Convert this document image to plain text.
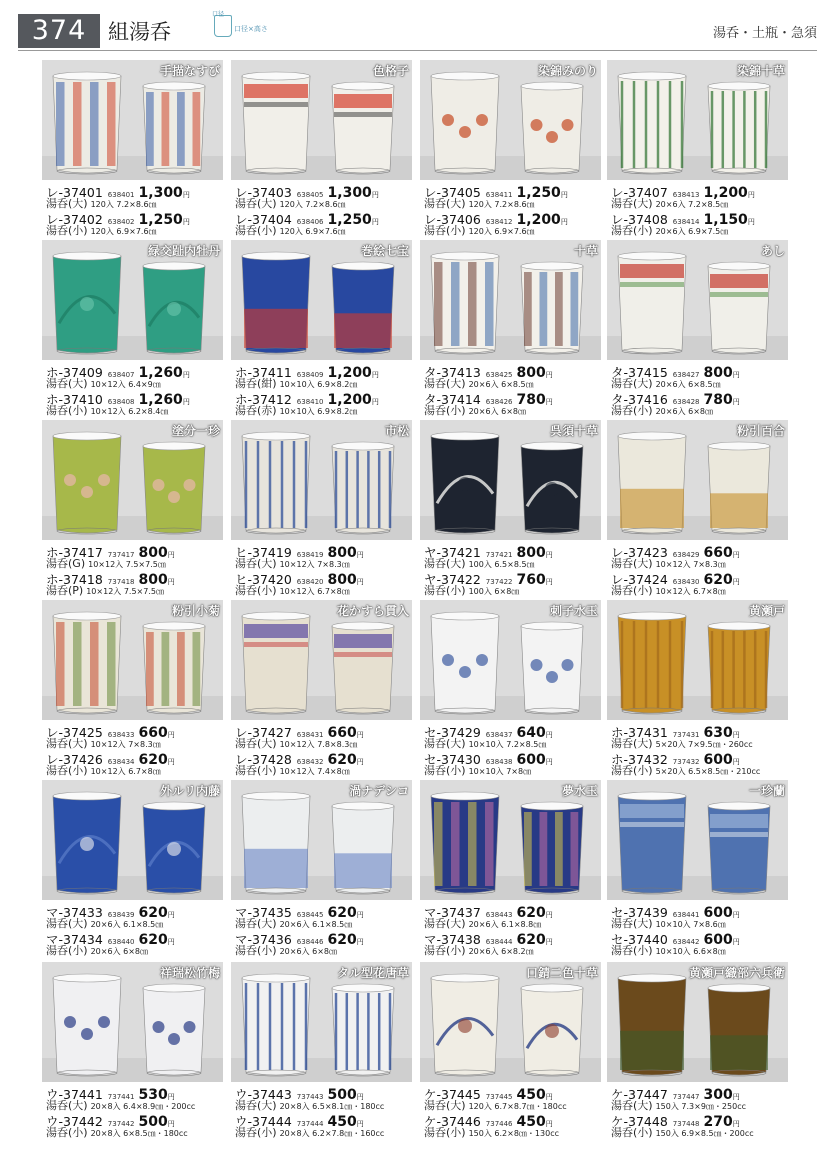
374	組湯呑
口径
口径×高さ	湯呑・土瓶・急須
手描なすび
レ-37401 638401 1,300円
湯呑(大) 120入 7.2×8.6㎝
レ-37402 638402 1,250円
湯呑(小) 120入 6.9×7.6㎝
色格子
レ-37403 638405 1,300円
湯呑(大) 120入 7.2×8.6㎝
レ-37404 638406 1,250円
湯呑(小) 120入 6.9×7.6㎝
染錦みのり
レ-37405 638411 1,250円
湯呑(大) 120入 7.2×8.6㎝
レ-37406 638412 1,200円
湯呑(小) 120入 6.9×7.6㎝
染錦十草
レ-37407 638413 1,200円
湯呑(大) 20×6入 7.2×8.5㎝
レ-37408 638414 1,150円
湯呑(小) 20×6入 6.9×7.5㎝
緑交趾内牡丹
ホ-37409 638407 1,260円
湯呑(大) 10×12入 6.4×9㎝
ホ-37410 638408 1,260円
湯呑(小) 10×12入 6.2×8.4㎝
巻絵七宝
ホ-37411 638409 1,200円
湯呑(紺) 10×10入 6.9×8.2㎝
ホ-37412 638410 1,200円
湯呑(赤) 10×10入 6.9×8.2㎝
十草
タ-37413 638425 800円
湯呑(大) 20×6入 6×8.5㎝
タ-37414 638426 780円
湯呑(小) 20×6入 6×8㎝
あし
タ-37415 638427 800円
湯呑(大) 20×6入 6×8.5㎝
タ-37416 638428 780円
湯呑(小) 20×6入 6×8㎝
塗分一珍
ホ-37417 737417 800円
湯呑(G) 10×12入 7.5×7.5㎝
ホ-37418 737418 800円
湯呑(P) 10×12入 7.5×7.5㎝
市松
ヒ-37419 638419 800円
湯呑(大) 10×12入 7×8.3㎝
ヒ-37420 638420 800円
湯呑(小) 10×12入 6.7×8㎝
呉須十草
ヤ-37421 737421 800円
湯呑(大) 100入 6.5×8.5㎝
ヤ-37422 737422 760円
湯呑(小) 100入 6×8㎝
粉引百合
レ-37423 638429 660円
湯呑(大) 10×12入 7×8.3㎝
レ-37424 638430 620円
湯呑(小) 10×12入 6.7×8㎝
粉引小菊
レ-37425 638433 660円
湯呑(大) 10×12入 7×8.3㎝
レ-37426 638434 620円
湯呑(小) 10×12入 6.7×8㎝
花かすら貫入
レ-37427 638431 660円
湯呑(大) 10×12入 7.8×8.3㎝
レ-37428 638432 620円
湯呑(小) 10×12入 7.4×8㎝
刺子水玉
セ-37429 638437 640円
湯呑(大) 10×10入 7.2×8.5㎝
セ-37430 638438 600円
湯呑(小) 10×10入 7×8㎝
黄瀬戸
ホ-37431 737431 630円
湯呑(大) 5×20入 7×9.5㎝・260cc
ホ-37432 737432 600円
湯呑(小) 5×20入 6.5×8.5㎝・210cc
外ルリ内藤
マ-37433 638439 620円
湯呑(大) 20×6入 6.1×8.5㎝
マ-37434 638440 620円
湯呑(小) 20×6入 6×8㎝
渦ナデシコ
マ-37435 638445 620円
湯呑(大) 20×6入 6.1×8.5㎝
マ-37436 638446 620円
湯呑(小) 20×6入 6×8㎝
夢水玉
マ-37437 638443 620円
湯呑(大) 20×6入 6.1×8.8㎝
マ-37438 638444 620円
湯呑(小) 20×6入 6×8.2㎝
一珍蘭
セ-37439 638441 600円
湯呑(大) 10×10入 7×8.6㎝
セ-37440 638442 600円
湯呑(小) 10×10入 6.6×8㎝
祥瑞松竹梅
ウ-37441 737441 530円
湯呑(大) 20×8入 6.4×8.9㎝・200cc
ウ-37442 737442 500円
湯呑(小) 20×8入 6×8.5㎝・180cc
タル型花唐草
ウ-37443 737443 500円
湯呑(大) 20×8入 6.5×8.1㎝・180cc
ウ-37444 737444 450円
湯呑(小) 20×8入 6.2×7.8㎝・160cc
口錆二色十草
ケ-37445 737445 450円
湯呑(大) 120入 6.7×8.7㎝・180cc
ケ-37446 737446 450円
湯呑(小) 150入 6.2×8㎝・130cc
黄瀬戸織部六兵衛
ケ-37447 737447 300円
湯呑(大) 150入 7.3×9㎝・250cc
ケ-37448 737448 270円
湯呑(小) 150入 6.9×8.5㎝・200cc
